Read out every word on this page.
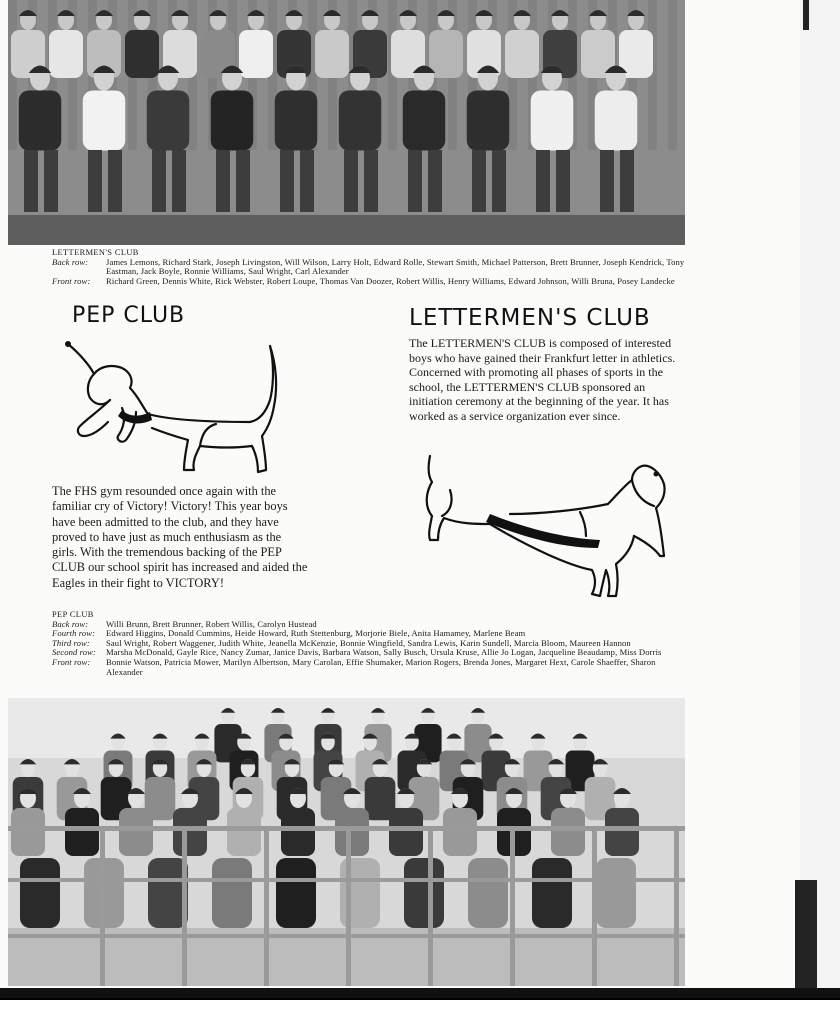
LETTERMEN'S CLUB
Back row:	James Lemons, Richard Stark, Joseph Livingston, Will Wilson, Larry Holt, Edward Rolle, Stewart Smith, Michael Patterson, Brett Brunner, Joseph Kendrick, Tony Eastman, Jack Boyle, Ronnie Williams, Saul Wright, Carl Alexander
Front row:	Richard Green, Dennis White, Rick Webster, Robert Loupe, Thomas Van Doozer, Robert Willis, Henry Williams, Edward Johnson, Willi Bruna, Posey Landecke
PEP CLUB	LETTERMEN'S CLUB
The LETTERMEN'S CLUB is composed of interested boys who have gained their Frankfurt letter in athletics. Concerned with promoting all phases of sports in the school, the LETTERMEN'S CLUB sponsored an initiation ceremony at the beginning of the year. It has worked as a service organization ever since.
The FHS gym resounded once again with the familiar cry of Victory! Victory! This year boys have been admitted to the club, and they have proved to have just as much enthusiasm as the girls. With the tremendous backing of the PEP CLUB our school spirit has increased and aided the Eagles in their fight to VICTORY!
PEP CLUB
Back row:	Willi Brunn, Brett Brunner, Robert Willis, Carolyn Hustead
Fourth row:	Edward Higgins, Donald Cummins, Heide Howard, Ruth Stettenburg, Morjorie Biele, Anita Hamamey, Marlene Beam
Third row:	Saul Wright, Robert Waggener, Judith White, Jeanella McKenzie, Bonnie Wingfield, Sandra Lewis, Karin Sundell, Marcia Bloom, Maureen Hannon
Second row:	Marsha McDonald, Gayle Rice, Nancy Zumar, Janice Davis, Barbara Watson, Sally Busch, Ursula Kruse, Allie Jo Logan, Jacqueline Beaudamp, Miss Dorris
Front row:	Bonnie Watson, Patricia Mower, Marilyn Albertson, Mary Carolan, Effie Shumaker, Marion Rogers, Brenda Jones, Margaret Hext, Carole Shaeffer, Sharon Alexander
